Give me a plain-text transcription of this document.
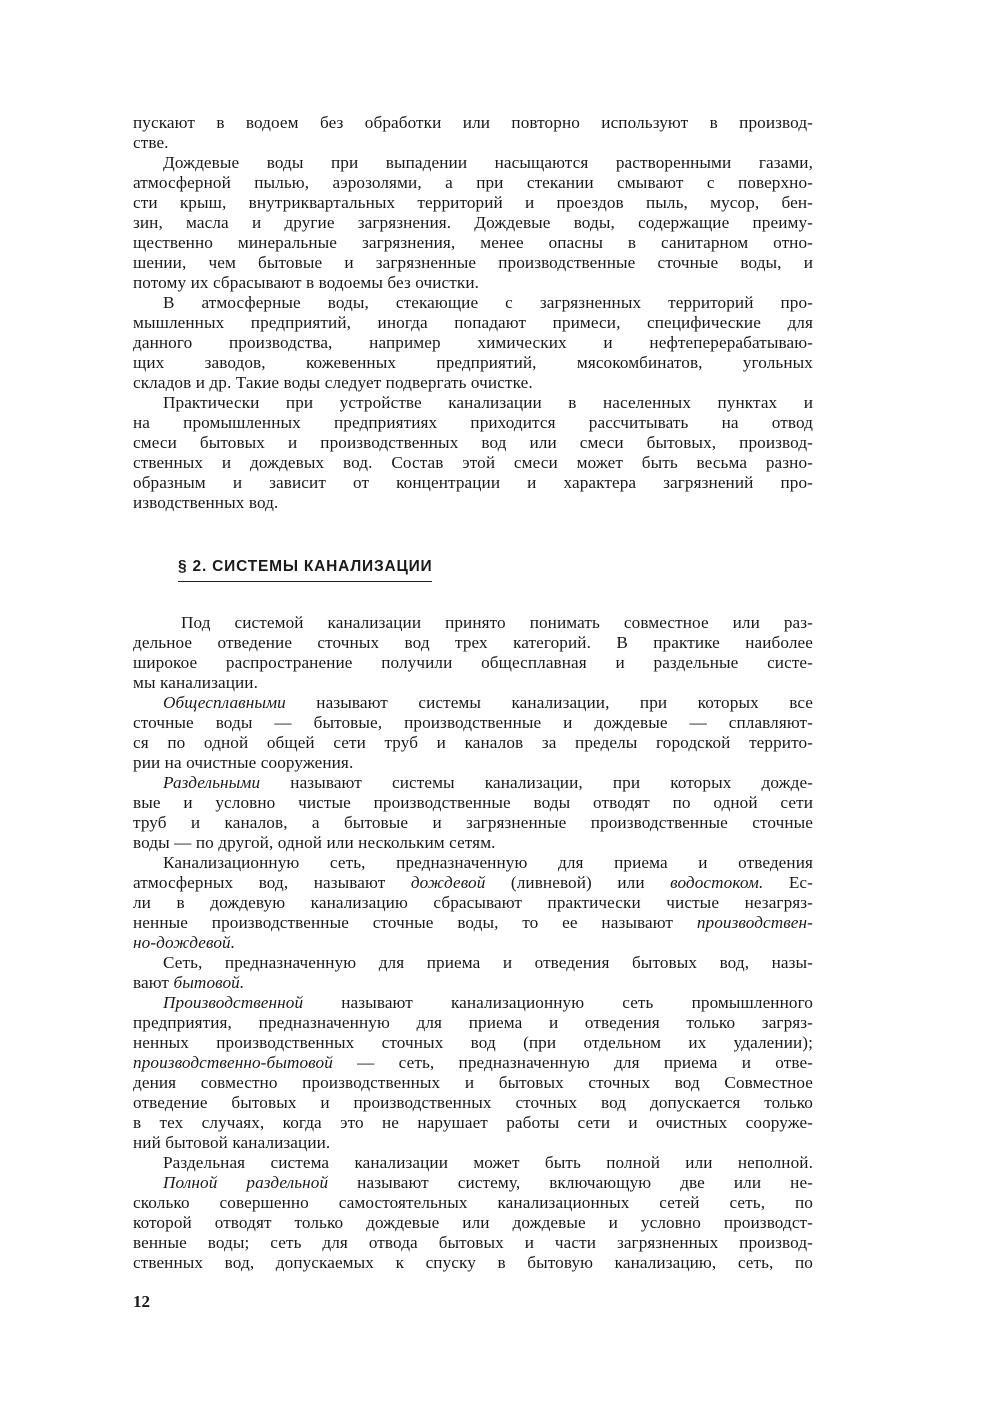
пускают в водоем без обработки или повторно используют в производ-
стве.
Дождевые воды при выпадении насыщаются растворенными газами,
атмосферной пылью, аэрозолями, а при стекании смывают с поверхно-
сти крыш, внутриквартальных территорий и проездов пыль, мусор, бен-
зин, масла и другие загрязнения. Дождевые воды, содержащие преиму-
щественно минеральные загрязнения, менее опасны в санитарном отно-
шении, чем бытовые и загрязненные производственные сточные воды, и
потому их сбрасывают в водоемы без очистки.
В атмосферные воды, стекающие с загрязненных территорий про-
мышленных предприятий, иногда попадают примеси, специфические для
данного производства, например химических и нефтеперерабатываю-
щих заводов, кожевенных предприятий, мясокомбинатов, угольных
складов и др. Такие воды следует подвергать очистке.
Практически при устройстве канализации в населенных пунктах и
на промышленных предприятиях приходится рассчитывать на отвод
смеси бытовых и производственных вод или смеси бытовых, производ-
ственных и дождевых вод. Состав этой смеси может быть весьма разно-
образным и зависит от концентрации и характера загрязнений про-
изводственных вод.
§ 2. СИСТЕМЫ КАНАЛИЗАЦИИ
Под системой канализации принято понимать совместное или раз-
дельное отведение сточных вод трех категорий. В практике наиболее
широкое распространение получили общесплавная и раздельные систе-
мы канализации.
Общесплавными называют системы канализации, при которых все
сточные воды — бытовые, производственные и дождевые — сплавляют-
ся по одной общей сети труб и каналов за пределы городской террито-
рии на очистные сооружения.
Раздельными называют системы канализации, при которых дожде-
вые и условно чистые производственные воды отводят по одной сети
труб и каналов, а бытовые и загрязненные производственные сточные
воды — по другой, одной или нескольким сетям.
Канализационную сеть, предназначенную для приема и отведения
атмосферных вод, называют дождевой (ливневой) или водостоком. Ес-
ли в дождевую канализацию сбрасывают практически чистые незагряз-
ненные производственные сточные воды, то ее называют производствен-
но-дождевой.
Сеть, предназначенную для приема и отведения бытовых вод, назы-
вают бытовой.
Производственной называют канализационную сеть промышленного
предприятия, предназначенную для приема и отведения только загряз-
ненных производственных сточных вод (при отдельном их удалении);
производственно-бытовой — сеть, предназначенную для приема и отве-
дения совместно производственных и бытовых сточных вод Совместное
отведение бытовых и производственных сточных вод допускается только
в тех случаях, когда это не нарушает работы сети и очистных сооруже-
ний бытовой канализации.
Раздельная система канализации может быть полной или неполной.
Полной раздельной называют систему, включающую две или не-
сколько совершенно самостоятельных канализационных сетей сеть, по
которой отводят только дождевые или дождевые и условно производст-
венные воды; сеть для отвода бытовых и части загрязненных производ-
ственных вод, допускаемых к спуску в бытовую канализацию, сеть, по
12
